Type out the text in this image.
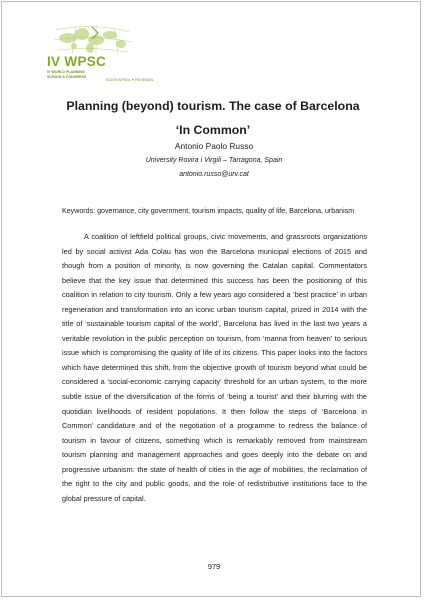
IV WPSC
IV WORLD PLANNING
SCHOOLS CONGRESS
SOUTH AFRICA ▼ RIO BRAZIL
Planning (beyond) tourism. The case of Barcelona ‘In Common’
Antonio Paolo Russo
University Rovira i Virgili – Tarragona, Spain
antonio.russo@urv.cat
Keywords: governance, city government, tourism impacts, quality of life, Barcelona, urbanism
A coalition of leftfield political groups, civic movements, and grassroots organizations led by social activist Ada Colau has won the Barcelona municipal elections of 2015 and though from a position of minority, is now governing the Catalan capital. Commentators believe that the key issue that determined this success has been the positioning of this coalition in relation to city tourism. Only a few years ago considered a ‘best practice’ in urban regeneration and transformation into an iconic urban tourism capital, prized in 2014 with the title of ‘sustainable tourism capital of the world’, Barcelona has lived in the last two years a veritable revolution in the public perception on tourism, from ‘manna from heaven’ to serious issue which is compromising the quality of life of its citizens. This paper looks into the factors which have determined this shift, from the objective growth of tourism beyond what could be considered a ‘social-economic carrying capacity’ threshold for an urban system, to the more subtle issue of the diversification of the forms of ‘being a tourist’ and their blurring with the quotidian livelihoods of resident populations. It then follow the steps of ‘Barcelona in Common’ candidature and of the negotiation of a programme to redress the balance of tourism in favour of citizens, something which is remarkably removed from mainstream tourism planning and management approaches and goes deeply into the debate on and progressive urbanism: the state of health of cities in the age of mobilities, the reclamation of the right to the city and public goods, and the role of redistributive institutions face to the global pressure of capital.
979
